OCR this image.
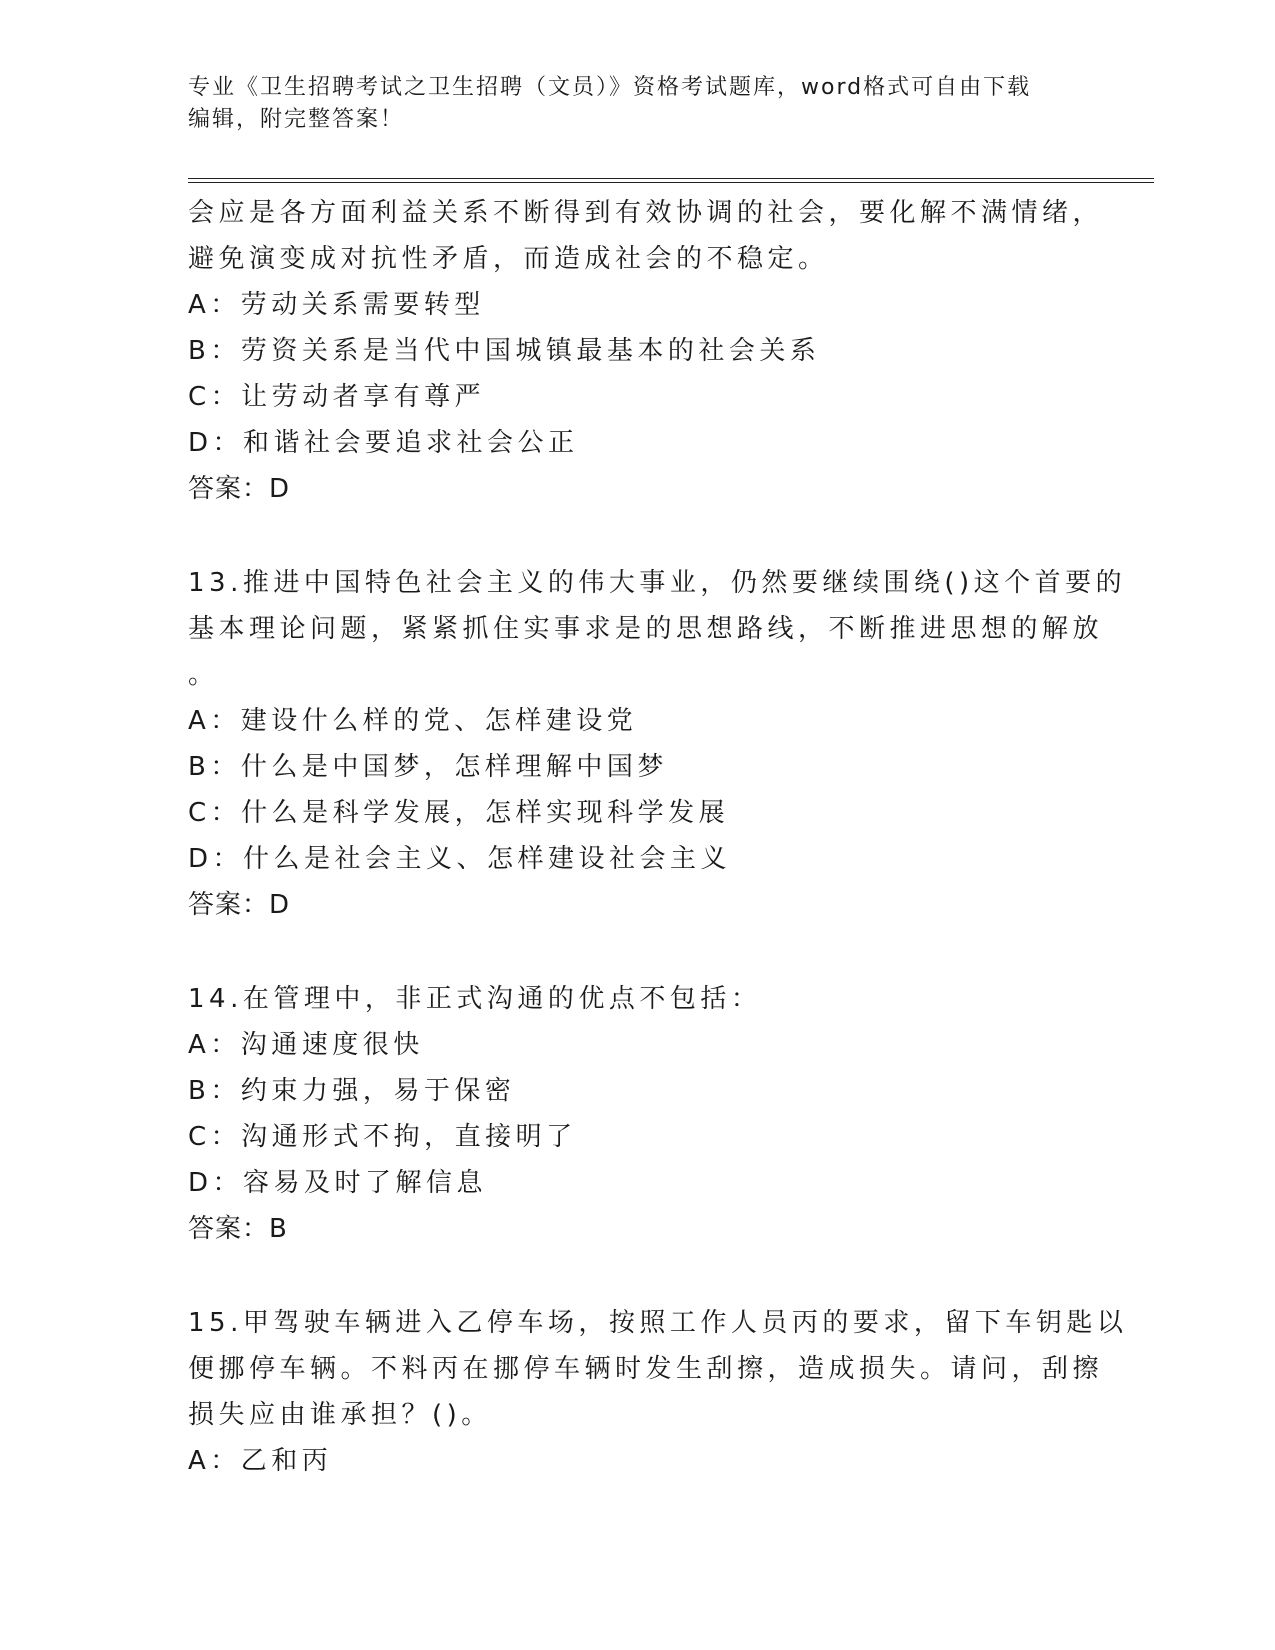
专业《卫生招聘考试之卫生招聘（文员）》资格考试题库，word格式可自由下载
编辑，附完整答案！
会应是各方面利益关系不断得到有效协调的社会，要化解不满情绪，
避免演变成对抗性矛盾，而造成社会的不稳定。
A：劳动关系需要转型
B：劳资关系是当代中国城镇最基本的社会关系
C：让劳动者享有尊严
D：和谐社会要追求社会公正
答案：D
13.推进中国特色社会主义的伟大事业，仍然要继续围绕()这个首要的
基本理论问题，紧紧抓住实事求是的思想路线，不断推进思想的解放
。
A：建设什么样的党、怎样建设党
B：什么是中国梦，怎样理解中国梦
C：什么是科学发展，怎样实现科学发展
D：什么是社会主义、怎样建设社会主义
答案：D
14.在管理中，非正式沟通的优点不包括：
A：沟通速度很快
B：约束力强，易于保密
C：沟通形式不拘，直接明了
D：容易及时了解信息
答案：B
15.甲驾驶车辆进入乙停车场，按照工作人员丙的要求，留下车钥匙以
便挪停车辆。不料丙在挪停车辆时发生刮擦，造成损失。请问，刮擦
损失应由谁承担？()。
A：乙和丙
